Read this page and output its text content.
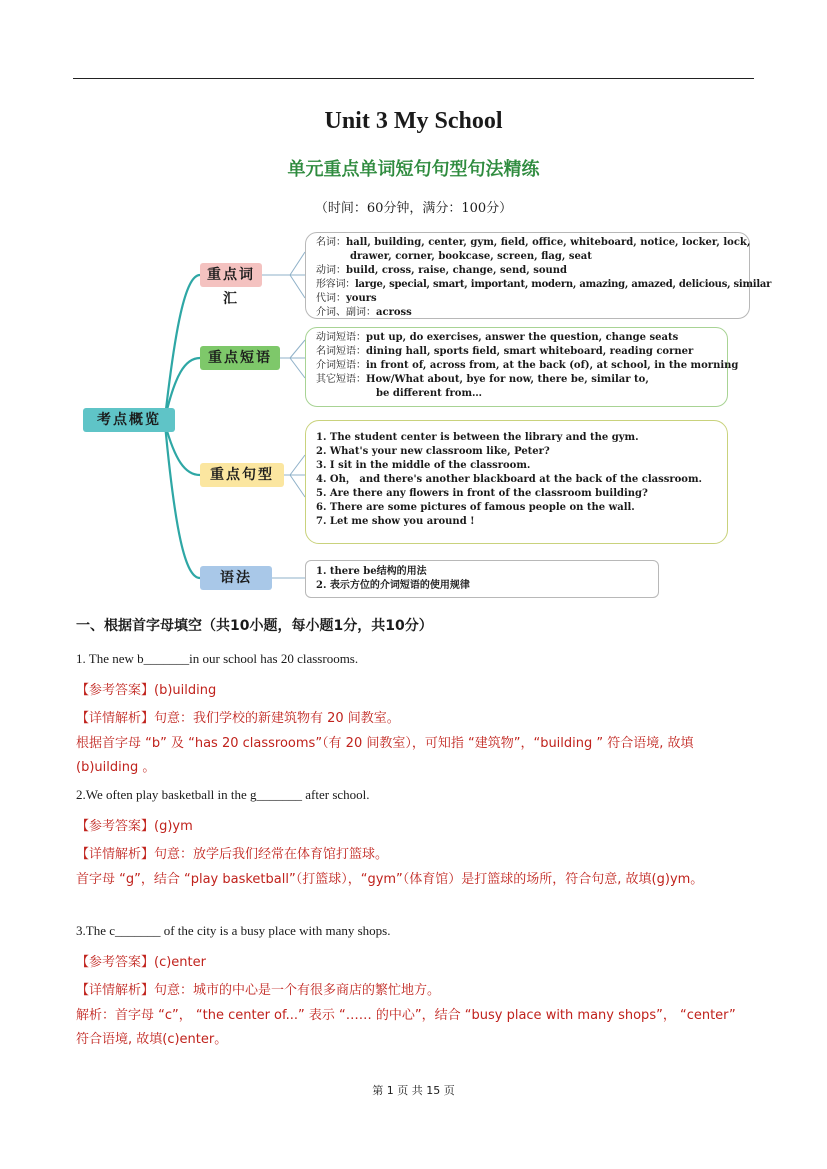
Unit 3 My School
单元重点单词短句句型句法精练
（时间：60分钟，满分：100分）
考点概览
重点词汇
重点短语
重点句型
语法
名词：hall, building, center, gym, field, office, whiteboard, notice, locker, lock,
drawer, corner, bookcase, screen, flag, seat
动词：build, cross, raise, change, send, sound
形容词：large, special, smart, important, modern, amazing, amazed, delicious, similar
代词：yours
介词、副词：across
动词短语：put up, do exercises, answer the question, change seats
名词短语：dining hall, sports field, smart whiteboard, reading corner
介词短语：in front of, across from, at the back (of), at school, in the morning
其它短语：How/What about, bye for now, there be, similar to,
be different from…
1. The student center is between the library and the gym.
2. What's your new classroom like, Peter?
3. I sit in the middle of the classroom.
4. Oh， and there's another blackboard at the back of the classroom.
5. Are there any flowers in front of the classroom building?
6. There are some pictures of famous people on the wall.
7. Let me show you around !
1. there be结构的用法
2. 表示方位的介词短语的使用规律
一、根据首字母填空（共10小题，每小题1分，共10分）
1. The new b_______in our school has 20 classrooms.
【参考答案】(b)uilding
【详情解析】句意：我们学校的新建筑物有 20 间教室。
根据首字母 “b” 及 “has 20 classrooms”（有 20 间教室），可知指 “建筑物”，“building ” 符合语境, 故填(b)uilding 。
2.We often play basketball in the g_______ after school.
【参考答案】(g)ym
【详情解析】句意：放学后我们经常在体育馆打篮球。
首字母 “g”，结合 “play basketball”（打篮球），“gym”（体育馆）是打篮球的场所，符合句意, 故填(g)ym。
3.The c_______ of the city is a busy place with many shops.
【参考答案】(c)enter
【详情解析】句意：城市的中心是一个有很多商店的繁忙地方。
解析：首字母 “c”， “the center of...” 表示 “…… 的中心”，结合 “busy place with many shops”， “center” 符合语境, 故填(c)enter。
第 1 页 共 15 页
